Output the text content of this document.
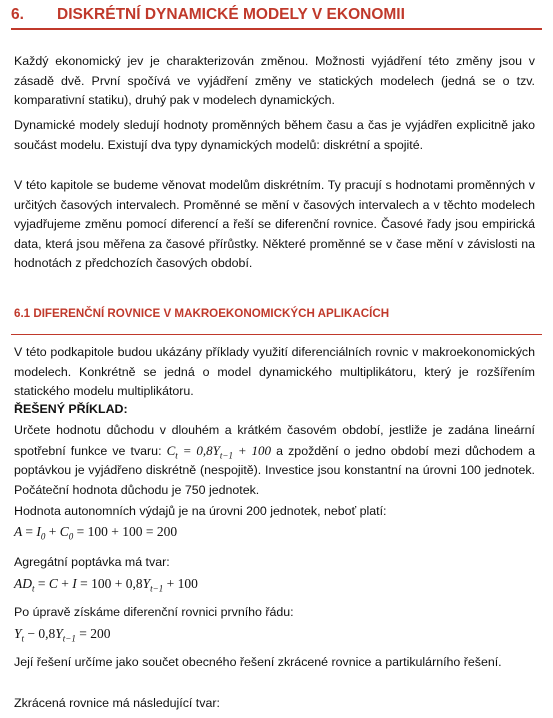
6. DISKRÉTNÍ DYNAMICKÉ MODELY V EKONOMII

Každý ekonomický jev je charakterizován změnou. Možnosti vyjádření této změny jsou v zásadě dvě. První spočívá ve vyjádření změny ve statických modelech (jedná se o tzv. komparativní statiku), druhý pak v modelech dynamických.

Dynamické modely sledují hodnoty proměnných během času a čas je vyjádřen explicitně jako součást modelu. Existují dva typy dynamických modelů: diskrétní a spojité.

V této kapitole se budeme věnovat modelům diskrétním. Ty pracují s hodnotami proměnných v určitých časových intervalech. Proměnné se mění v časových intervalech a v těchto modelech vyjadřujeme změnu pomocí diferencí a řeší se diferenční rovnice. Časové řady jsou empirická data, která jsou měřena za časové přírůstky. Některé proměnné se v čase mění v závislosti na hodnotách z předchozích časových období.

6.1 DIFERENČNÍ ROVNICE V MAKROEKONOMICKÝCH APLIKACÍCH

V této podkapitole budou ukázány příklady využití diferenciálních rovnic v makroekonomických modelech. Konkrétně se jedná o model dynamického multiplikátoru, který je rozšířením statického modelu multiplikátoru.

ŘEŠENÝ PŘÍKLAD:

Určete hodnotu důchodu v dlouhém a krátkém časovém období, jestliže je zadána lineární spotřební funkce ve tvaru: $C_t = 0,8Y_{t-1} + 100$ a zpoždění o jedno období mezi důchodem a poptávkou je vyjádřeno diskrétně (nespojitě). Investice jsou konstantní na úrovni 100 jednotek. Počáteční hodnota důchodu je 750 jednotek.

Hodnota autonomních výdajů je na úrovni 200 jednotek, neboť platí:

$A = I_0 + C_0 = 100 + 100 = 200$

Agregátní poptávka má tvar:

$AD_t = C + I = 100 + 0,8Y_{t-1} + 100$

Po úpravě získáme diferenční rovnici prvního řádu:

$Y_t - 0,8Y_{t-1} = 200$

Její řešení určíme jako součet obecného řešení zkrácené rovnice a partikulárního řešení.

Zkrácená rovnice má následující tvar:
